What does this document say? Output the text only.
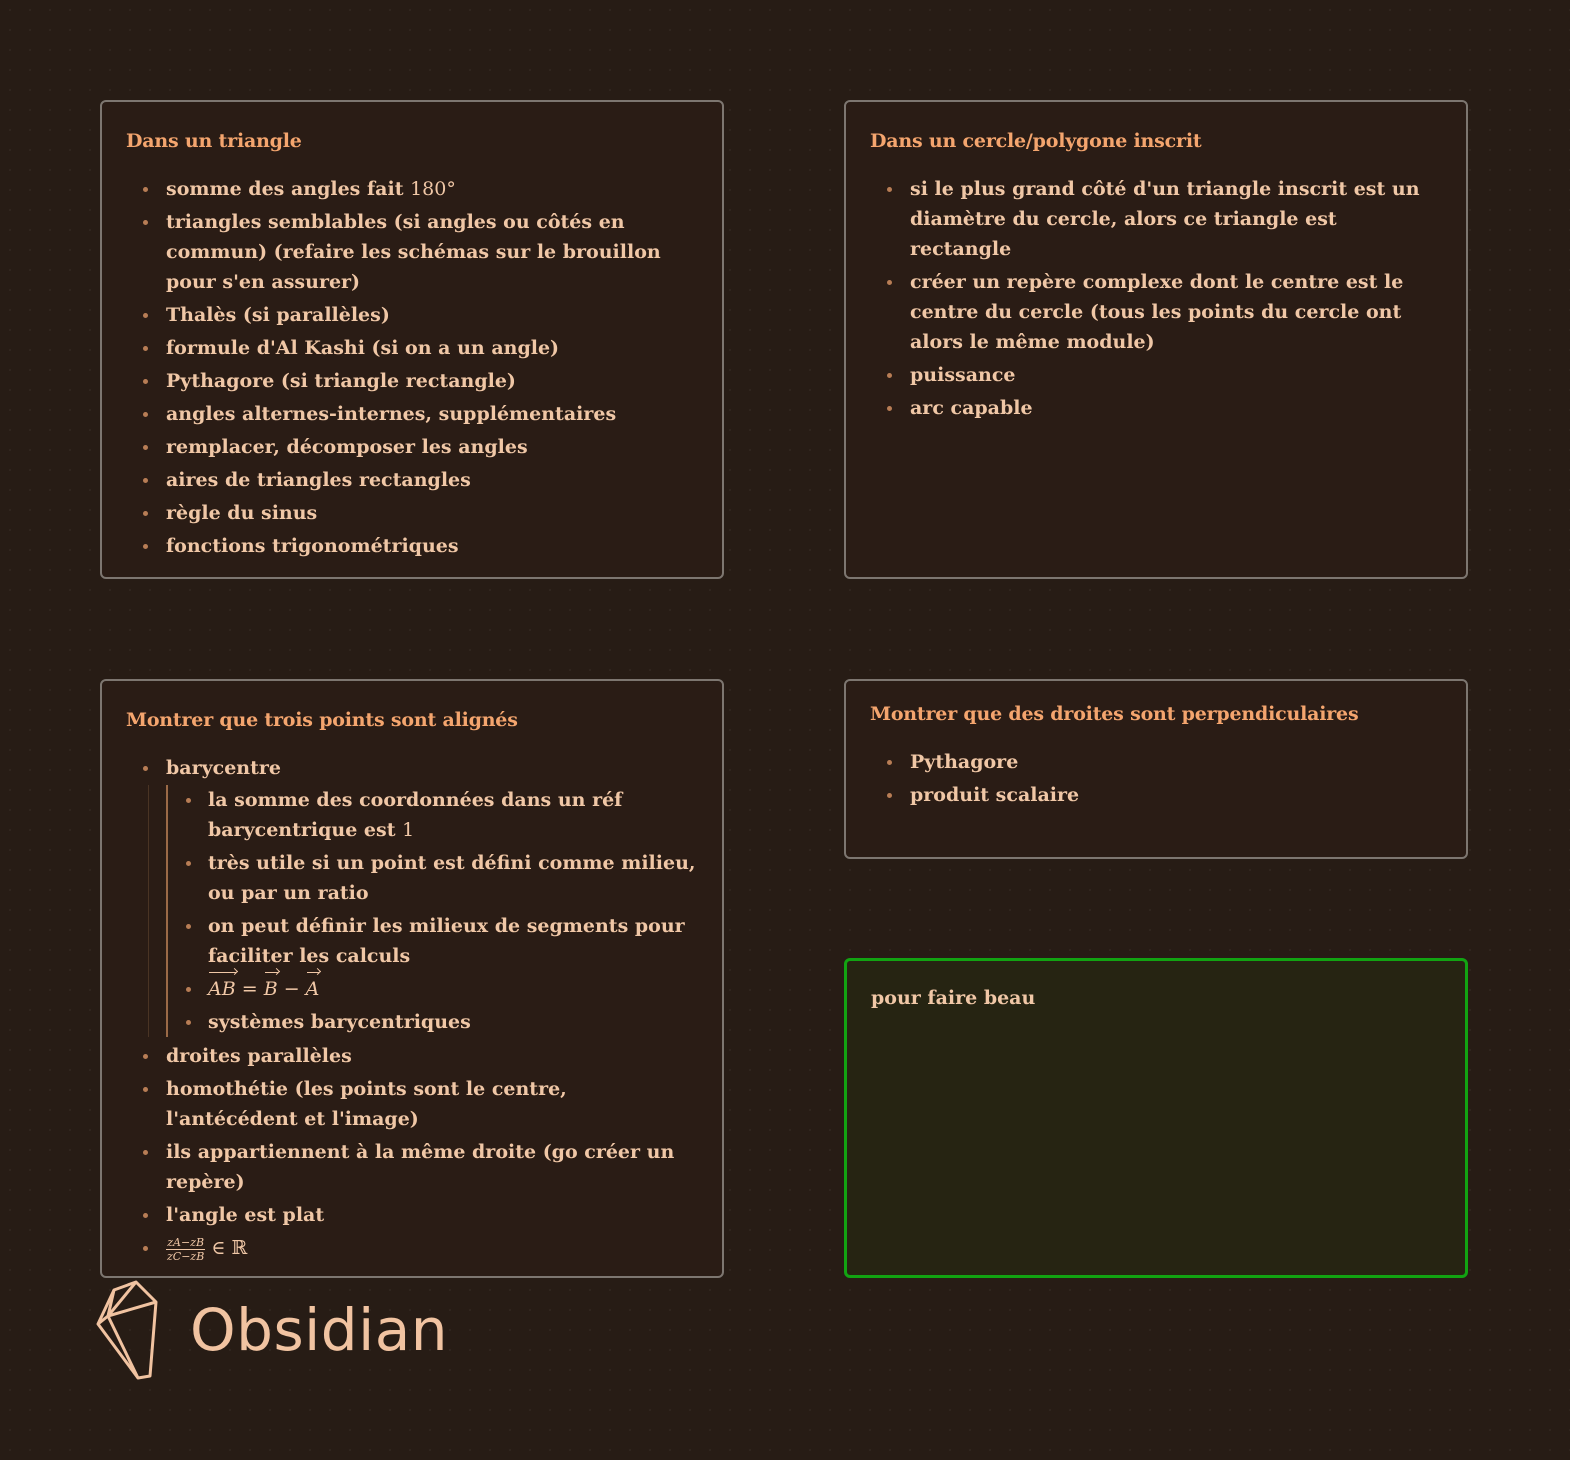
Dans un triangle
somme des angles fait 180°
triangles semblables (si angles ou côtés en commun) (refaire les schémas sur le brouillon pour s'en assurer)
Thalès (si parallèles)
formule d'Al Kashi (si on a un angle)
Pythagore (si triangle rectangle)
angles alternes-internes, supplémentaires
remplacer, décomposer les angles
aires de triangles rectangles
règle du sinus
fonctions trigonométriques
Dans un cercle/polygone inscrit
si le plus grand côté d'un triangle inscrit est un diamètre du cercle, alors ce triangle est rectangle
créer un repère complexe dont le centre est le centre du cercle (tous les points du cercle ont alors le même module)
puissance
arc capable
Montrer que trois points sont alignés
barycentre
la somme des coordonnées dans un réf barycentrique est 1
très utile si un point est défini comme milieu, ou par un ratio
on peut définir les milieux de segments pour faciliter les calculs
AB = B − A
systèmes barycentriques
droites parallèles
homothétie (les points sont le centre, l'antécédent et l'image)
ils appartiennent à la même droite (go créer un repère)
l'angle est plat
$\frac{zA-zB}{zC-zB}$ ∈ ℝ
Montrer que des droites sont perpendiculaires
Pythagore
produit scalaire
pour faire beau
Obsidian
